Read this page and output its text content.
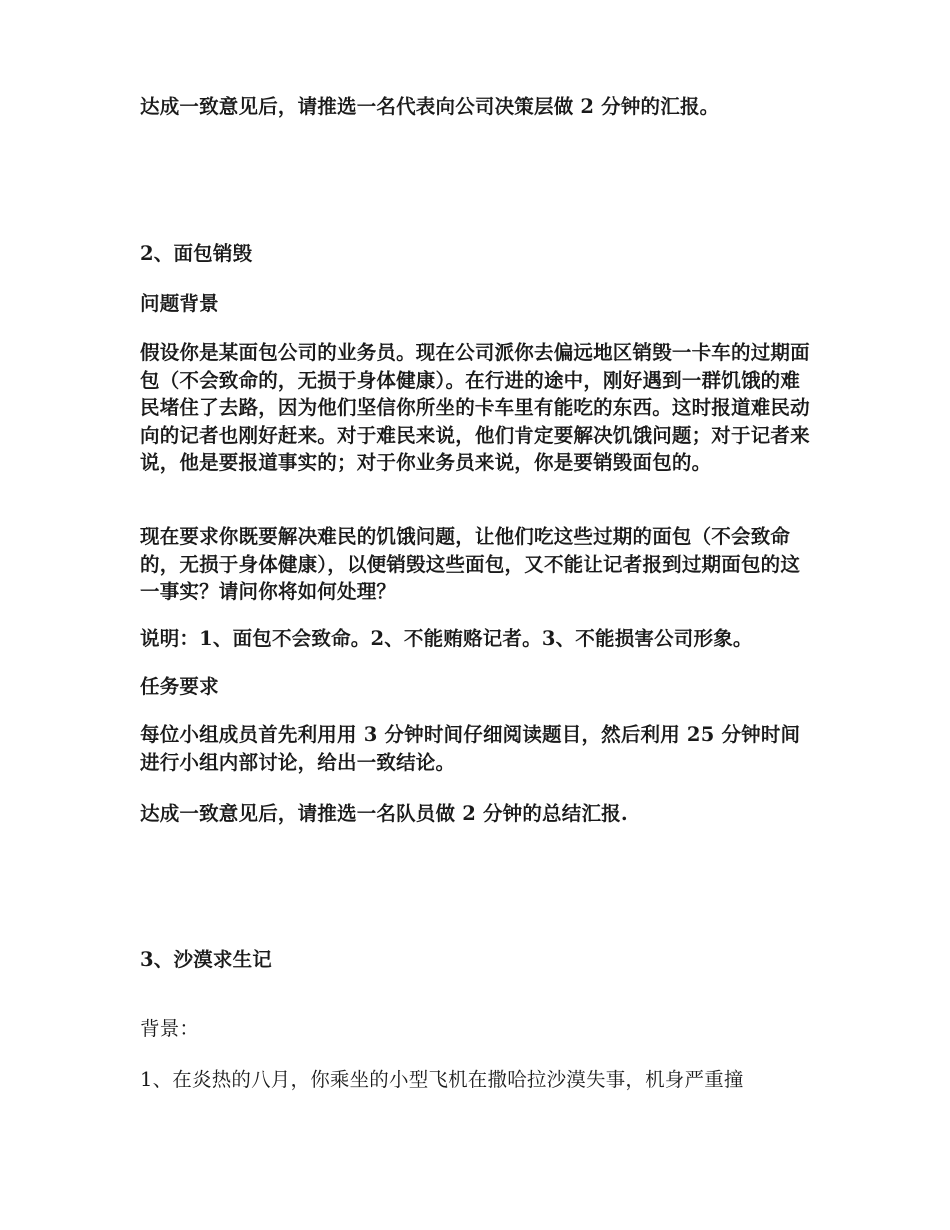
达成一致意见后，请推选一名代表向公司决策层做 2 分钟的汇报。

2、面包销毁

问题背景

假设你是某面包公司的业务员。现在公司派你去偏远地区销毁一卡车的过期面包（不会致命的，无损于身体健康）。在行进的途中，刚好遇到一群饥饿的难民堵住了去路，因为他们坚信你所坐的卡车里有能吃的东西。这时报道难民动向的记者也刚好赶来。对于难民来说，他们肯定要解决饥饿问题；对于记者来说，他是要报道事实的；对于你业务员来说，你是要销毁面包的。

现在要求你既要解决难民的饥饿问题，让他们吃这些过期的面包（不会致命的，无损于身体健康），以便销毁这些面包，又不能让记者报到过期面包的这一事实？请问你将如何处理？

说明：1、面包不会致命。2、不能贿赂记者。3、不能损害公司形象。

任务要求

每位小组成员首先利用用 3 分钟时间仔细阅读题目，然后利用 25 分钟时间进行小组内部讨论，给出一致结论。

达成一致意见后，请推选一名队员做 2 分钟的总结汇报.

3、沙漠求生记

背景：

1、在炎热的八月，你乘坐的小型飞机在撒哈拉沙漠失事，机身严重撞
